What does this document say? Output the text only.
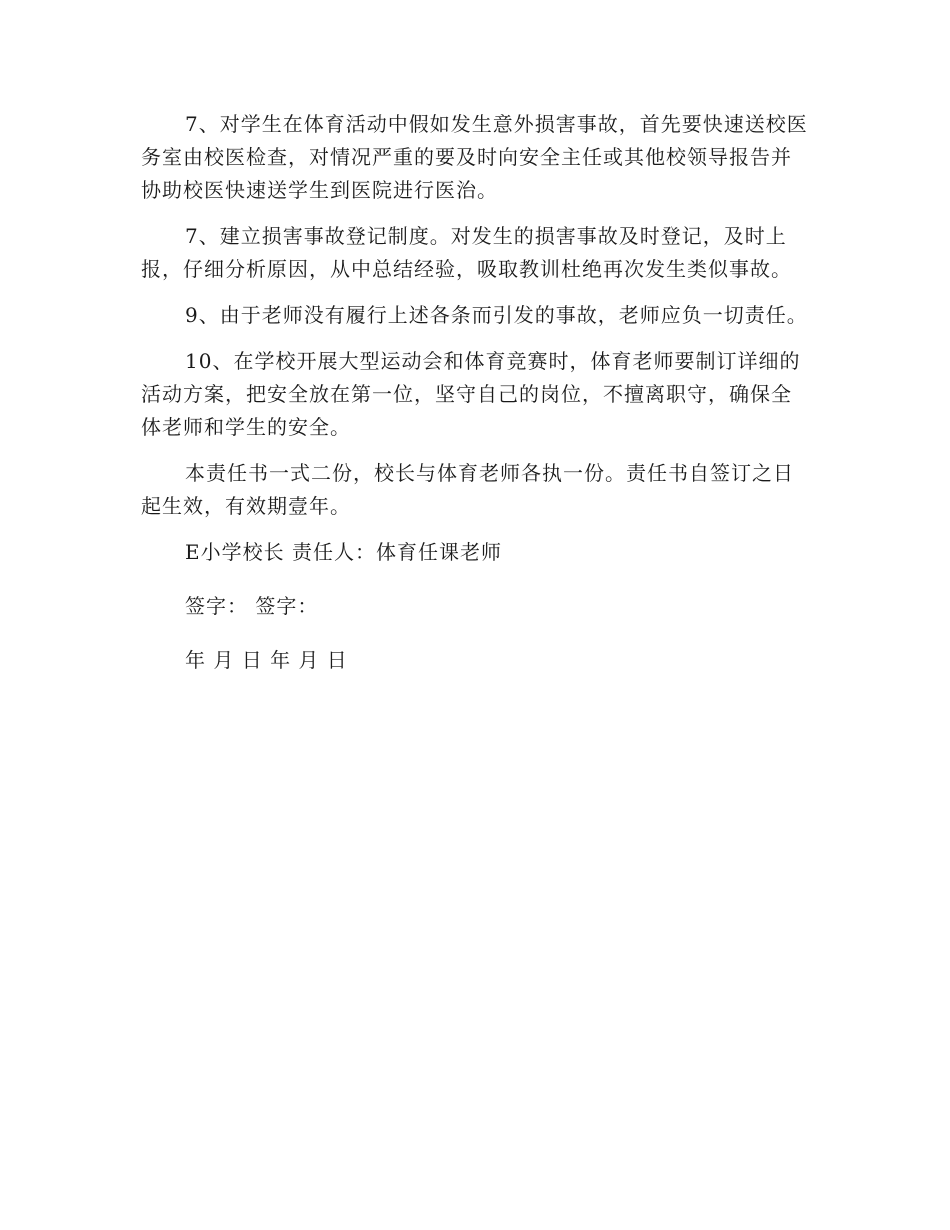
7、对学生在体育活动中假如发生意外损害事故，首先要快速送校医务室由校医检查，对情况严重的要及时向安全主任或其他校领导报告并协助校医快速送学生到医院进行医治。

7、建立损害事故登记制度。对发生的损害事故及时登记，及时上报，仔细分析原因，从中总结经验，吸取教训杜绝再次发生类似事故。

9、由于老师没有履行上述各条而引发的事故，老师应负一切责任。

10、在学校开展大型运动会和体育竞赛时，体育老师要制订详细的活动方案，把安全放在第一位，坚守自己的岗位，不擅离职守，确保全体老师和学生的安全。

本责任书一式二份，校长与体育老师各执一份。责任书自签订之日起生效，有效期壹年。

E小学校长 责任人：体育任课老师

签字： 签字：

年 月 日 年 月 日
